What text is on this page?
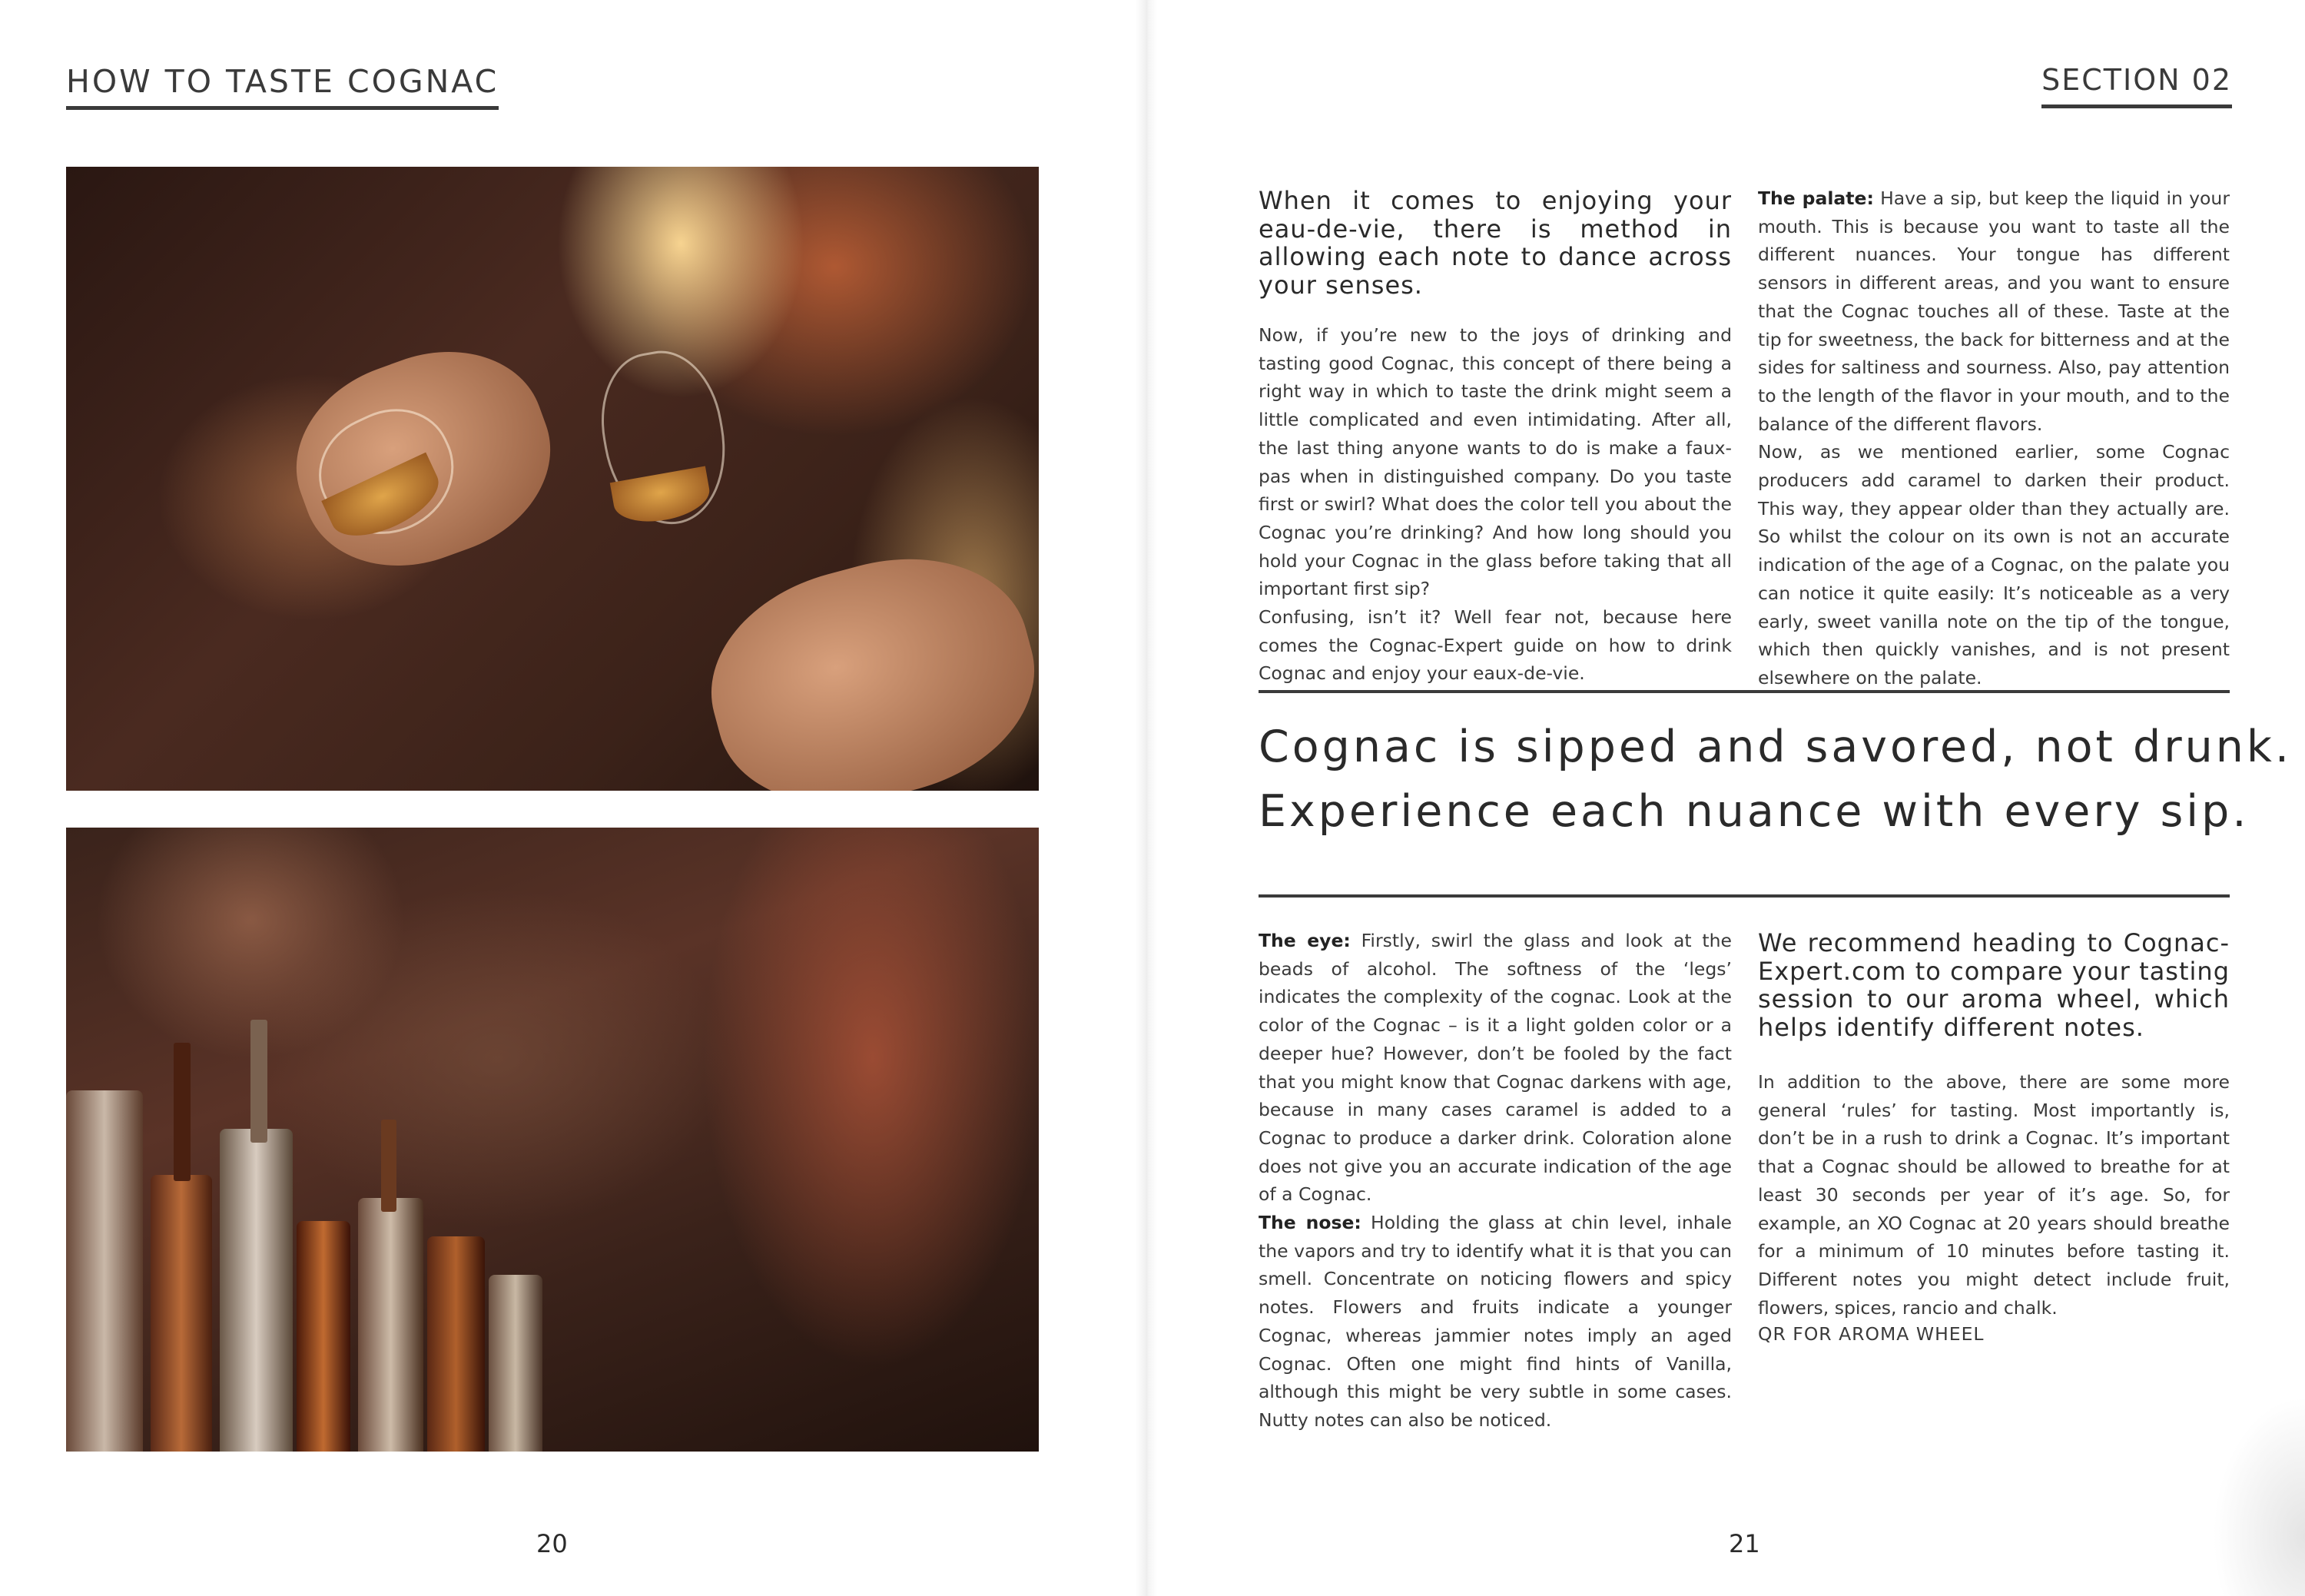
HOW TO TASTE COGNAC
20
SECTION 02

When it comes to enjoying your eau-de-vie, there is method in allowing each note to dance across your senses.

Now, if you’re new to the joys of drinking and tasting good Cognac, this concept of there being a right way in which to taste the drink might seem a little complicated and even intimidating. After all, the last thing anyone wants to do is make a faux-pas when in distinguished company. Do you taste first or swirl? What does the color tell you about the Cognac you’re drinking? And how long should you hold your Cognac in the glass before taking that all important first sip?

Confusing, isn’t it? Well fear not, because here comes the Cognac-Expert guide on how to drink Cognac and enjoy your eaux-de-vie.

The palate: Have a sip, but keep the liquid in your mouth. This is because you want to taste all the different nuances. Your tongue has different sensors in different areas, and you want to ensure that the Cognac touches all of these. Taste at the tip for sweetness, the back for bitterness and at the sides for saltiness and sourness. Also, pay attention to the length of the flavor in your mouth, and to the balance of the different flavors.

Now, as we mentioned earlier, some Cognac producers add caramel to darken their product. This way, they appear older than they actually are. So whilst the colour on its own is not an accurate indication of the age of a Cognac, on the palate you can notice it quite easily: It’s noticeable as a very early, sweet vanilla note on the tip of the tongue, which then quickly vanishes, and is not present elsewhere on the palate.

Cognac is sipped and savored, not drunk.
Experience each nuance with every sip.

The eye: Firstly, swirl the glass and look at the beads of alcohol. The softness of the ‘legs’ indicates the complexity of the cognac. Look at the color of the Cognac – is it a light golden color or a deeper hue? However, don’t be fooled by the fact that you might know that Cognac darkens with age, because in many cases caramel is added to a Cognac to produce a darker drink. Coloration alone does not give you an accurate indication of the age of a Cognac.

The nose: Holding the glass at chin level, inhale the vapors and try to identify what it is that you can smell. Concentrate on noticing flowers and spicy notes. Flowers and fruits indicate a younger Cognac, whereas jammier notes imply an aged Cognac. Often one might find hints of Vanilla, although this might be very subtle in some cases. Nutty notes can also be noticed.

We recommend heading to Cognac-Expert.com to compare your tasting session to our aroma wheel, which helps identify different notes.

In addition to the above, there are some more general ‘rules’ for tasting. Most importantly is, don’t be in a rush to drink a Cognac. It’s important that a Cognac should be allowed to breathe for at least 30 seconds per year of it’s age. So, for example, an XO Cognac at 20 years should breathe for a minimum of 10 minutes before tasting it. Different notes you might detect include fruit, flowers, spices, rancio and chalk.

QR FOR AROMA WHEEL
21
